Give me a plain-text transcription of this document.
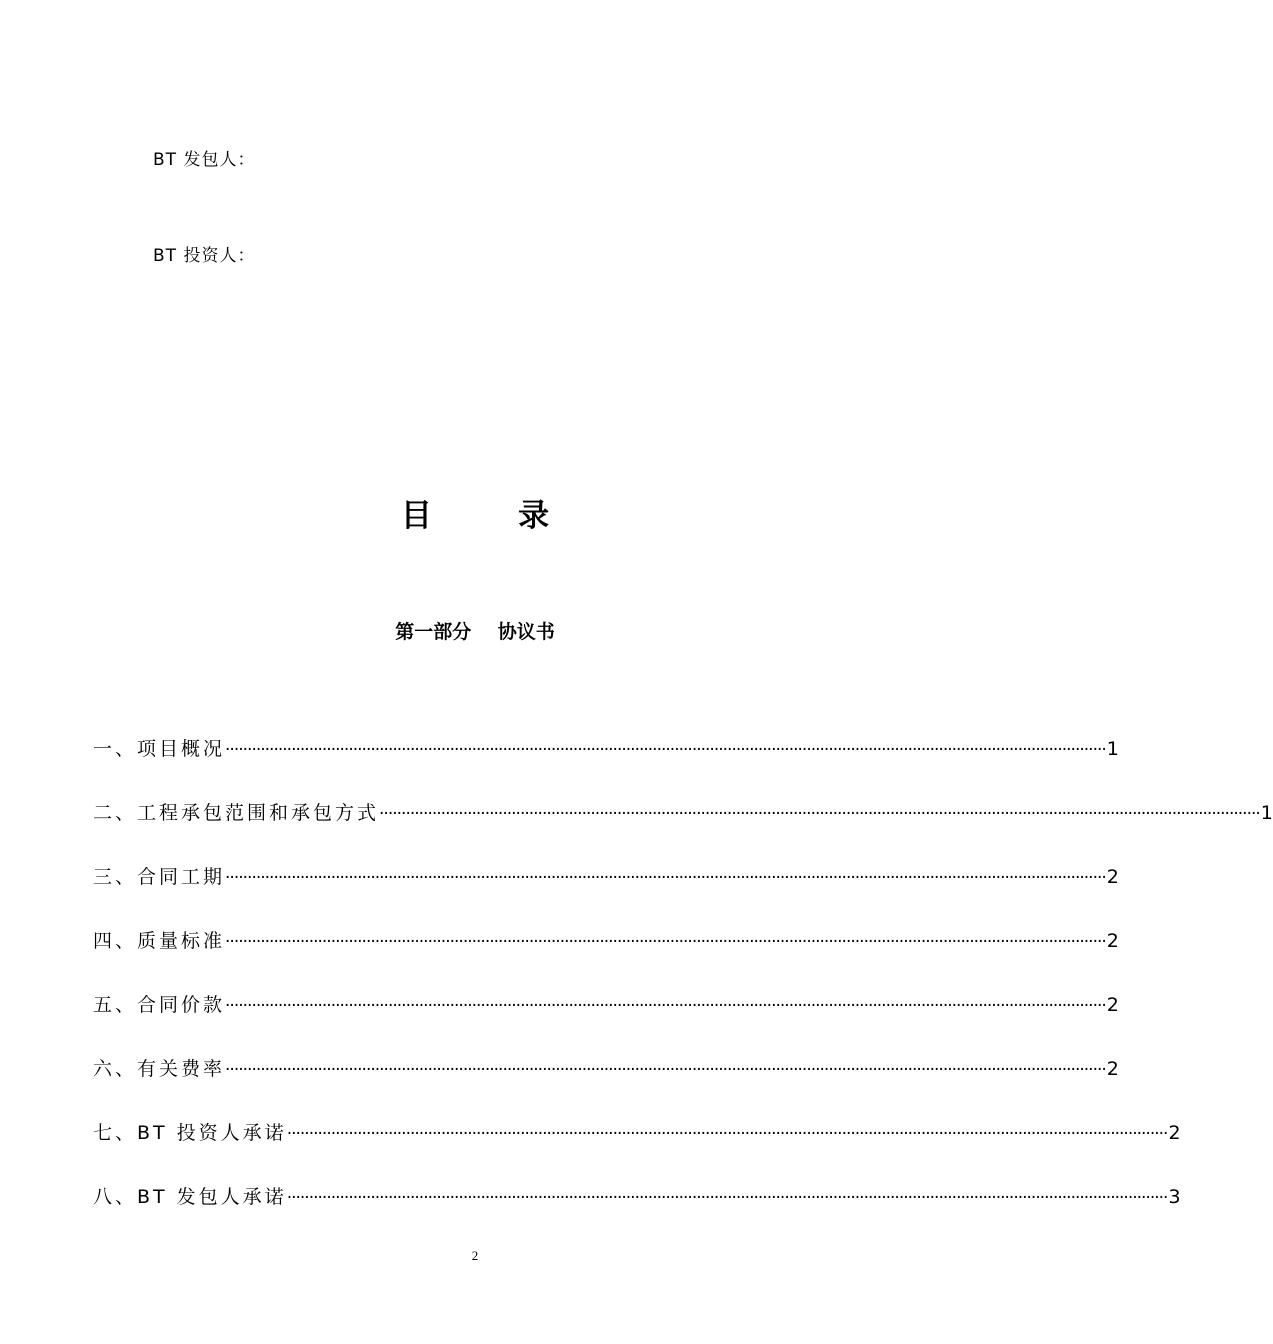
BT 发包人：
BT 投资人：
目        录
第一部分    协议书
一、项目概况 ········································································································································································································ 1
二、工程承包范围和承包方式 ········································································································································································································ 1
三、合同工期 ········································································································································································································ 2
四、质量标准 ········································································································································································································ 2
五、合同价款 ········································································································································································································ 2
六、有关费率 ········································································································································································································ 2
七、BT 投资人承诺 ········································································································································································································ 2
八、BT 发包人承诺 ········································································································································································································ 3
2
